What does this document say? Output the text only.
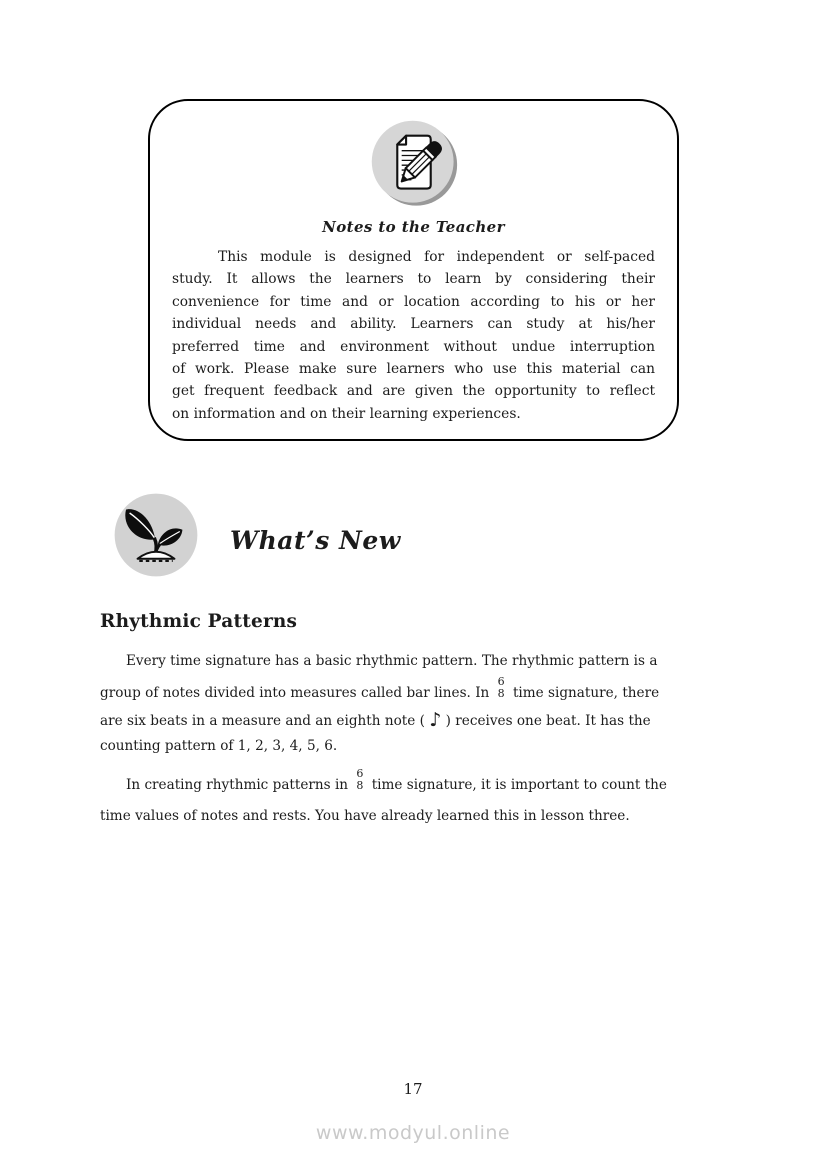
Notes to the Teacher
This module is designed for independent or self-paced
study. It allows the learners to learn by considering their
convenience for time and or location according to his or her
individual needs and ability. Learners can study at his/her
preferred time and environment without undue interruption
of work. Please make sure learners who use this material can
get frequent feedback and are given the opportunity to reflect
on information and on their learning experiences.
What’s New
Rhythmic Patterns
Every time signature has a basic rhythmic pattern. The rhythmic pattern is a
group of notes divided into measures called bar lines. In
6
8 time signature, there
are six beats in a measure and an eighth note ( ♪ ) receives one beat. It has the
counting pattern of 1, 2, 3, 4, 5, 6.
In creating rhythmic patterns in
6
8 time signature, it is important to count the
time values of notes and rests. You have already learned this in lesson three.
17
www.modyul.online
